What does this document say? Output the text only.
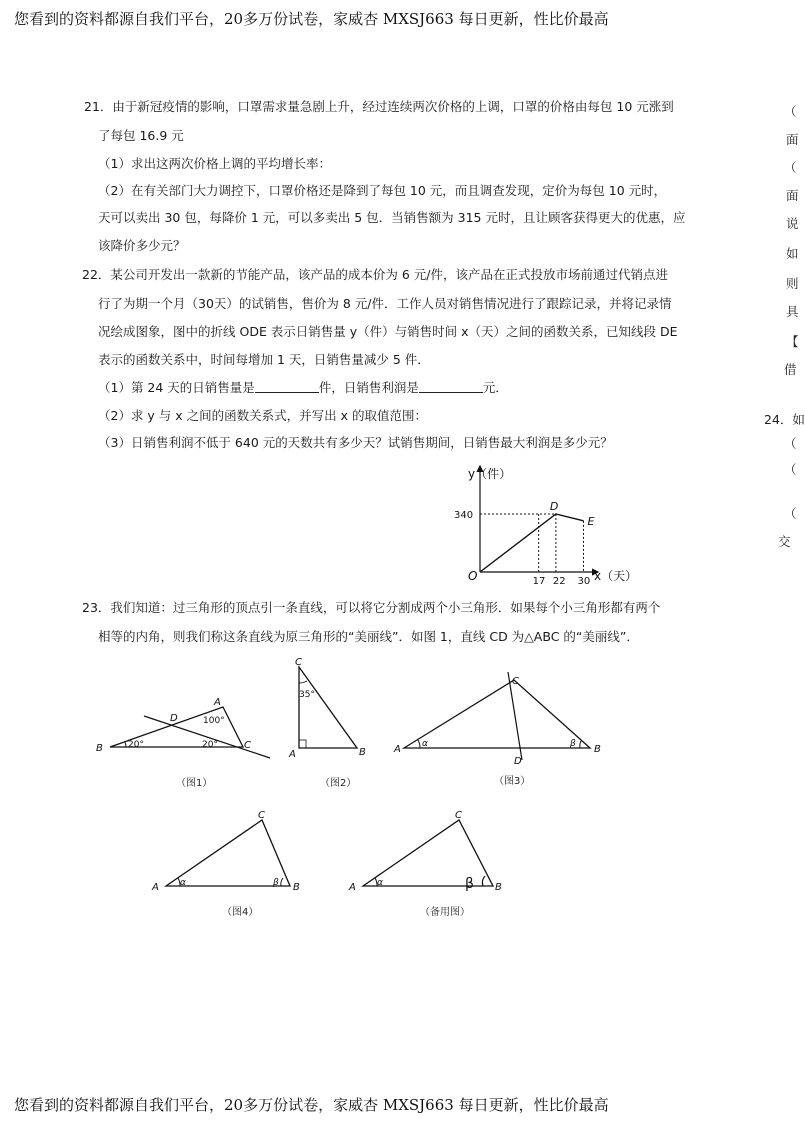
您看到的资料都源自我们平台，20多万份试卷，家威杏 MXSJ663 每日更新，性比价最高
您看到的资料都源自我们平台，20多万份试卷，家威杏 MXSJ663 每日更新，性比价最高
21．由于新冠疫情的影响，口罩需求量急剧上升，经过连续两次价格的上调，口罩的价格由每包 10 元涨到
了每包 16.9 元
（1）求出这两次价格上调的平均增长率：
（2）在有关部门大力调控下，口罩价格还是降到了每包 10 元，而且调查发现，定价为每包 10 元时，
天可以卖出 30 包，每降价 1 元，可以多卖出 5 包．当销售额为 315 元时，且让顾客获得更大的优惠，应
该降价多少元？
22．某公司开发出一款新的节能产品，该产品的成本价为 6 元/件，该产品在正式投放市场前通过代销点进
行了为期一个月（30天）的试销售，售价为 8 元/件．工作人员对销售情况进行了跟踪记录，并将记录情
况绘成图象，图中的折线 ODE 表示日销售量 y（件）与销售时间 x（天）之间的函数关系，已知线段 DE
表示的函数关系中，时间每增加 1 天，日销售量减少 5 件．
（1）第 24 天的日销售量是	件，日销售利润是	元．
（2）求 y 与 x 之间的函数关系式，并写出 x 的取值范围：
（3）日销售利润不低于 640 元的天数共有多少天？试销售期间，日销售最大利润是多少元？
D
E
340
17 22 30
y（件）
x（天）
O
23．我们知道：过三角形的顶点引一条直线，可以将它分割成两个小三角形．如果每个小三角形都有两个
相等的内角，则我们称这条直线为原三角形的“美丽线”．如图 1，直线 CD 为△ABC 的“美丽线”．
B
A
C
D
20°	20°
100°
（图1）
C
A	B
35°
（图2）
A	B
C
D
α	β
（图3）
A	B
C
α	β
（图4）
A	B
C
α	β
（备用图）
（
面
（
面
说
如
则
具
【
借
24．如
（
（
（
交
